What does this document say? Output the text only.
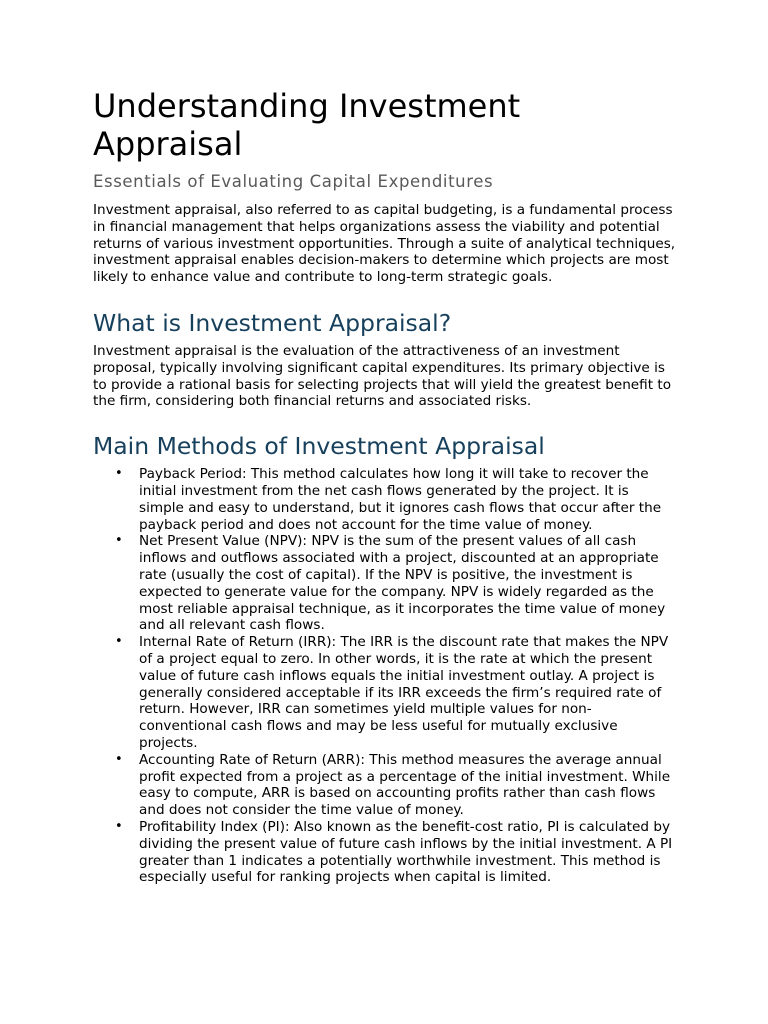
Understanding Investment Appraisal
Essentials of Evaluating Capital Expenditures

Investment appraisal, also referred to as capital budgeting, is a fundamental process in financial management that helps organizations assess the viability and potential returns of various investment opportunities. Through a suite of analytical techniques, investment appraisal enables decision-makers to determine which projects are most likely to enhance value and contribute to long-term strategic goals.

What is Investment Appraisal?

Investment appraisal is the evaluation of the attractiveness of an investment proposal, typically involving significant capital expenditures. Its primary objective is to provide a rational basis for selecting projects that will yield the greatest benefit to the firm, considering both financial returns and associated risks.

Main Methods of Investment Appraisal
• Payback Period: This method calculates how long it will take to recover the initial investment from the net cash flows generated by the project. It is simple and easy to understand, but it ignores cash flows that occur after the payback period and does not account for the time value of money.
• Net Present Value (NPV): NPV is the sum of the present values of all cash inflows and outflows associated with a project, discounted at an appropriate rate (usually the cost of capital). If the NPV is positive, the investment is expected to generate value for the company. NPV is widely regarded as the most reliable appraisal technique, as it incorporates the time value of money and all relevant cash flows.
• Internal Rate of Return (IRR): The IRR is the discount rate that makes the NPV of a project equal to zero. In other words, it is the rate at which the present value of future cash inflows equals the initial investment outlay. A project is generally considered acceptable if its IRR exceeds the firm’s required rate of return. However, IRR can sometimes yield multiple values for non-conventional cash flows and may be less useful for mutually exclusive projects.
• Accounting Rate of Return (ARR): This method measures the average annual profit expected from a project as a percentage of the initial investment. While easy to compute, ARR is based on accounting profits rather than cash flows and does not consider the time value of money.
• Profitability Index (PI): Also known as the benefit-cost ratio, PI is calculated by dividing the present value of future cash inflows by the initial investment. A PI greater than 1 indicates a potentially worthwhile investment. This method is especially useful for ranking projects when capital is limited.
